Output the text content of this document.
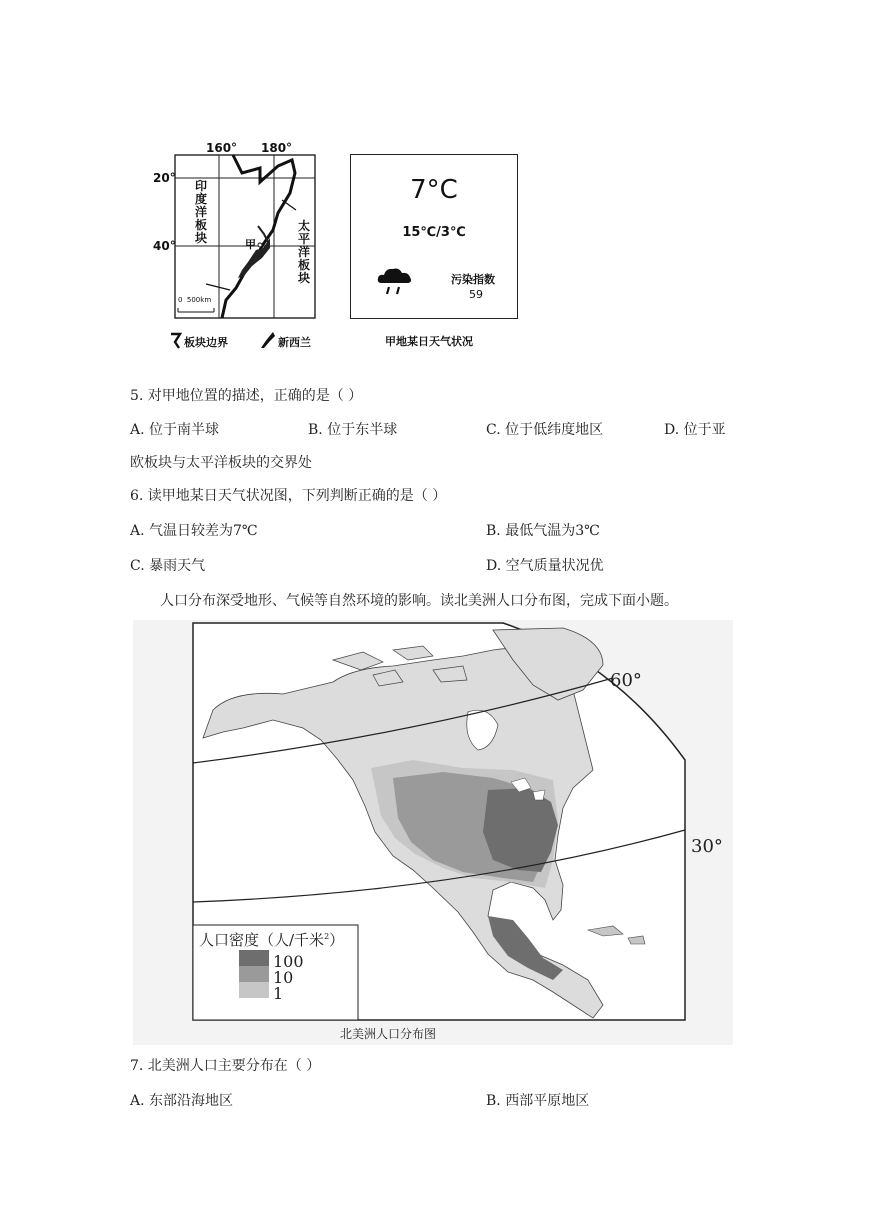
160° 180°
20°
40°
印度洋板块
太平洋板块
甲
0  500km
板块边界	新西兰
7°C
15℃/3℃
污染指数
59
甲地某日天气状况
5. 对甲地位置的描述，正确的是（ ）
A. 位于南半球	B. 位于东半球	C. 位于低纬度地区	D. 位于亚
欧板块与太平洋板块的交界处
6. 读甲地某日天气状况图，下列判断正确的是（ ）
A. 气温日较差为7℃	B. 最低气温为3℃
C. 暴雨天气	D. 空气质量状况优
人口分布深受地形、气候等自然环境的影响。读北美洲人口分布图，完成下面小题。
60°
30°
人口密度（人/千米$^2$）
100
10
1
北美洲人口分布图
7. 北美洲人口主要分布在（ ）
A. 东部沿海地区	B. 西部平原地区
